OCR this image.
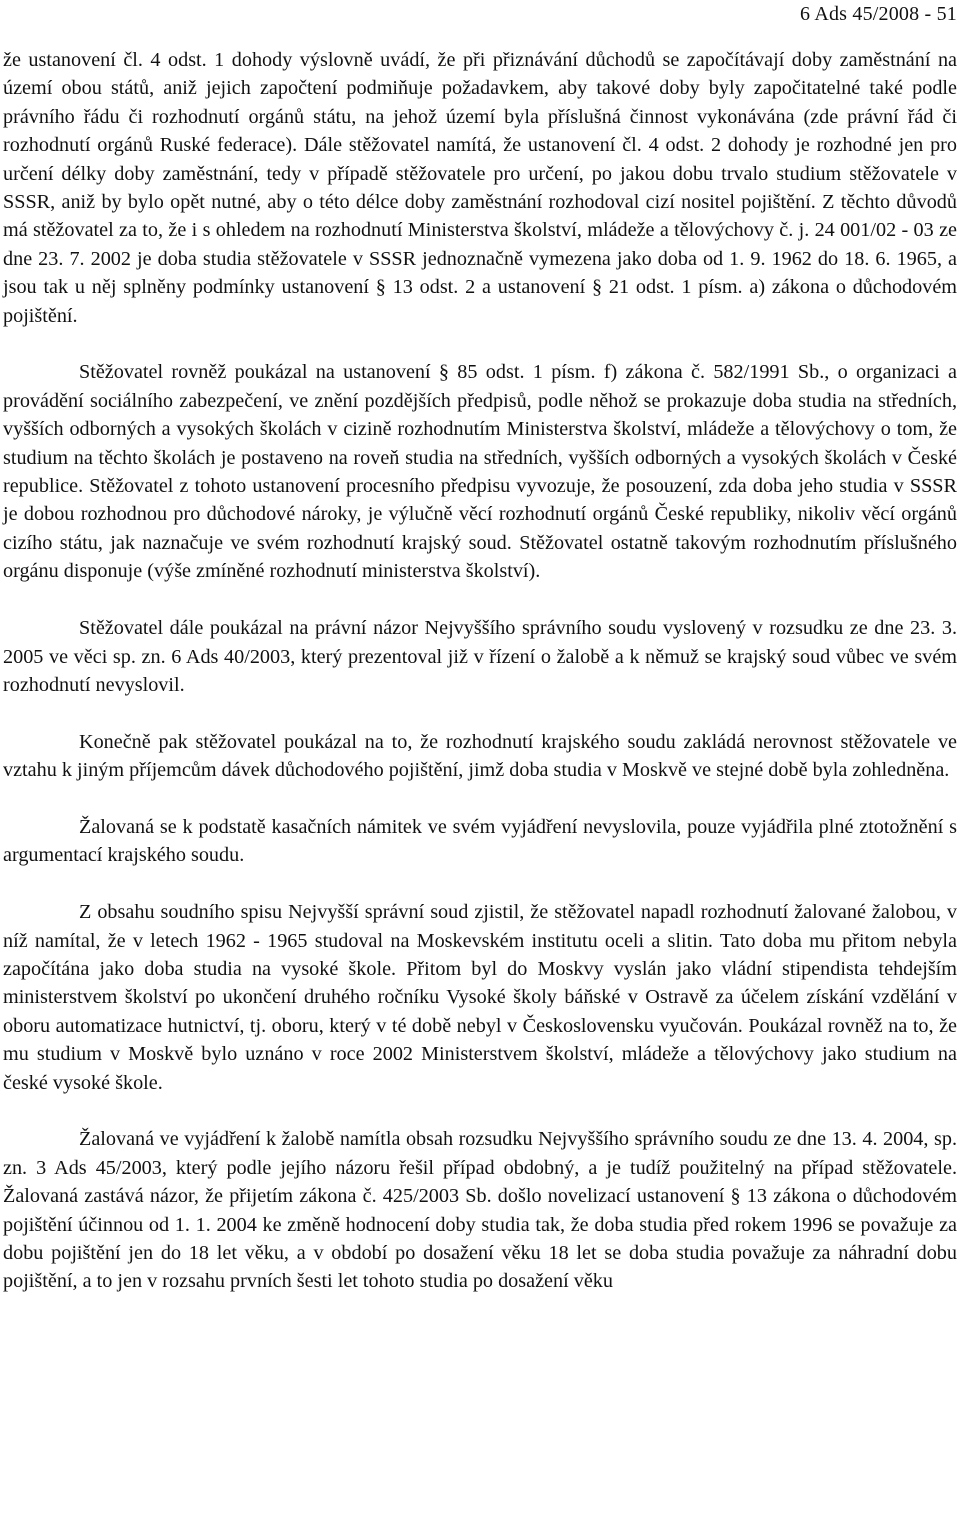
6 Ads 45/2008 - 51

že ustanovení čl. 4 odst. 1 dohody výslovně uvádí, že při přiznávání důchodů se započítávají doby zaměstnání na území obou států, aniž jejich započtení podmiňuje požadavkem, aby takové doby byly započitatelné také podle právního řádu či rozhodnutí orgánů státu, na jehož území byla příslušná činnost vykonávána (zde právní řád či rozhodnutí orgánů Ruské federace). Dále stěžovatel namítá, že ustanovení čl. 4 odst. 2 dohody je rozhodné jen pro určení délky doby zaměstnání, tedy v případě stěžovatele pro určení, po jakou dobu trvalo studium stěžovatele v SSSR, aniž by bylo opět nutné, aby o této délce doby zaměstnání rozhodoval cizí nositel pojištění. Z těchto důvodů má stěžovatel za to, že i s ohledem na rozhodnutí Ministerstva školství, mládeže a tělovýchovy č. j. 24 001/02 - 03 ze dne 23. 7. 2002 je doba studia stěžovatele v SSSR jednoznačně vymezena jako doba od 1. 9. 1962 do 18. 6. 1965, a jsou tak u něj splněny podmínky ustanovení § 13 odst. 2 a ustanovení § 21 odst. 1 písm. a) zákona o důchodovém pojištění.

Stěžovatel rovněž poukázal na ustanovení § 85 odst. 1 písm. f) zákona č. 582/1991 Sb., o organizaci a provádění sociálního zabezpečení, ve znění pozdějších předpisů, podle něhož se prokazuje doba studia na středních, vyšších odborných a vysokých školách v cizině rozhodnutím Ministerstva školství, mládeže a tělovýchovy o tom, že studium na těchto školách je postaveno na roveň studia na středních, vyšších odborných a vysokých školách v České republice. Stěžovatel z tohoto ustanovení procesního předpisu vyvozuje, že posouzení, zda doba jeho studia v SSSR je dobou rozhodnou pro důchodové nároky, je výlučně věcí rozhodnutí orgánů České republiky, nikoliv věcí orgánů cizího státu, jak naznačuje ve svém rozhodnutí krajský soud. Stěžovatel ostatně takovým rozhodnutím příslušného orgánu disponuje (výše zmíněné rozhodnutí ministerstva školství).

Stěžovatel dále poukázal na právní názor Nejvyššího správního soudu vyslovený v rozsudku ze dne 23. 3. 2005 ve věci sp. zn. 6 Ads 40/2003, který prezentoval již v řízení o žalobě a k němuž se krajský soud vůbec ve svém rozhodnutí nevyslovil.

Konečně pak stěžovatel poukázal na to, že rozhodnutí krajského soudu zakládá nerovnost stěžovatele ve vztahu k jiným příjemcům dávek důchodového pojištění, jimž doba studia v Moskvě ve stejné době byla zohledněna.

Žalovaná se k podstatě kasačních námitek ve svém vyjádření nevyslovila, pouze vyjádřila plné ztotožnění s argumentací krajského soudu.

Z obsahu soudního spisu Nejvyšší správní soud zjistil, že stěžovatel napadl rozhodnutí žalované žalobou, v níž namítal, že v letech 1962 - 1965 studoval na Moskevském institutu oceli a slitin. Tato doba mu přitom nebyla započítána jako doba studia na vysoké škole. Přitom byl do Moskvy vyslán jako vládní stipendista tehdejším ministerstvem školství po ukončení druhého ročníku Vysoké školy báňské v Ostravě za účelem získání vzdělání v oboru automatizace hutnictví, tj. oboru, který v té době nebyl v Československu vyučován. Poukázal rovněž na to, že mu studium v Moskvě bylo uznáno v roce 2002 Ministerstvem školství, mládeže a tělovýchovy jako studium na české vysoké škole.

Žalovaná ve vyjádření k žalobě namítla obsah rozsudku Nejvyššího správního soudu ze dne 13. 4. 2004, sp. zn. 3 Ads 45/2003, který podle jejího názoru řešil případ obdobný, a je tudíž použitelný na případ stěžovatele. Žalovaná zastává názor, že přijetím zákona č. 425/2003 Sb. došlo novelizací ustanovení § 13 zákona o důchodovém pojištění účinnou od 1. 1. 2004 ke změně hodnocení doby studia tak, že doba studia před rokem 1996 se považuje za dobu pojištění jen do 18 let věku, a v období po dosažení věku 18 let se doba studia považuje za náhradní dobu pojištění, a to jen v rozsahu prvních šesti let tohoto studia po dosažení věku
